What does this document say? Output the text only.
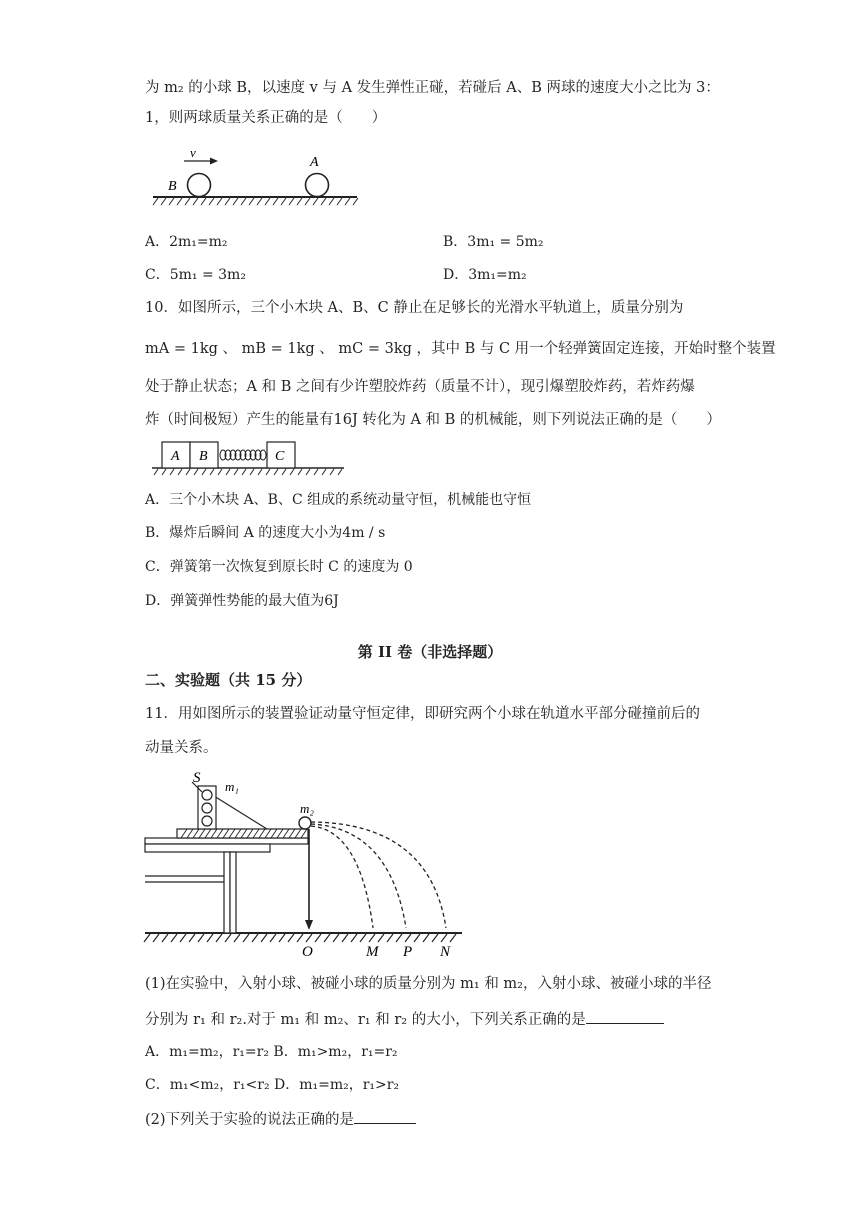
为 m₂ 的小球 B，以速度 v 与 A 发生弹性正碰，若碰后 A、B 两球的速度大小之比为 3：
1，则两球质量关系正确的是（　　）
v
B
A
A．2m₁=m₂	B．3m₁ = 5m₂
C．5m₁ = 3m₂	D．3m₁=m₂
10．如图所示，三个小木块 A、B、C 静止在足够长的光滑水平轨道上，质量分别为
mA = 1kg 、 mB = 1kg 、 mC = 3kg ，其中 B 与 C 用一个轻弹簧固定连接，开始时整个装置
处于静止状态；A 和 B 之间有少许塑胶炸药（质量不计），现引爆塑胶炸药，若炸药爆
炸（时间极短）产生的能量有16J 转化为 A 和 B 的机械能，则下列说法正确的是（　　）
A B	C
A．三个小木块 A、B、C 组成的系统动量守恒，机械能也守恒
B．爆炸后瞬间 A 的速度大小为4m / s
C．弹簧第一次恢复到原长时 C 的速度为 0
D．弹簧弹性势能的最大值为6J
第 II 卷（非选择题）
二、实验题（共 15 分）
11．用如图所示的装置验证动量守恒定律，即研究两个小球在轨道水平部分碰撞前后的
动量关系。
S
m₁
m₂
O	M P N
(1)在实验中，入射小球、被碰小球的质量分别为 m₁ 和 m₂，入射小球、被碰小球的半径
分别为 r₁ 和 r₂.对于 m₁ 和 m₂、r₁ 和 r₂ 的大小，下列关系正确的是
A．m₁=m₂，r₁=r₂ B．m₁>m₂，r₁=r₂
C．m₁<m₂，r₁<r₂ D．m₁=m₂，r₁>r₂
(2)下列关于实验的说法正确的是
